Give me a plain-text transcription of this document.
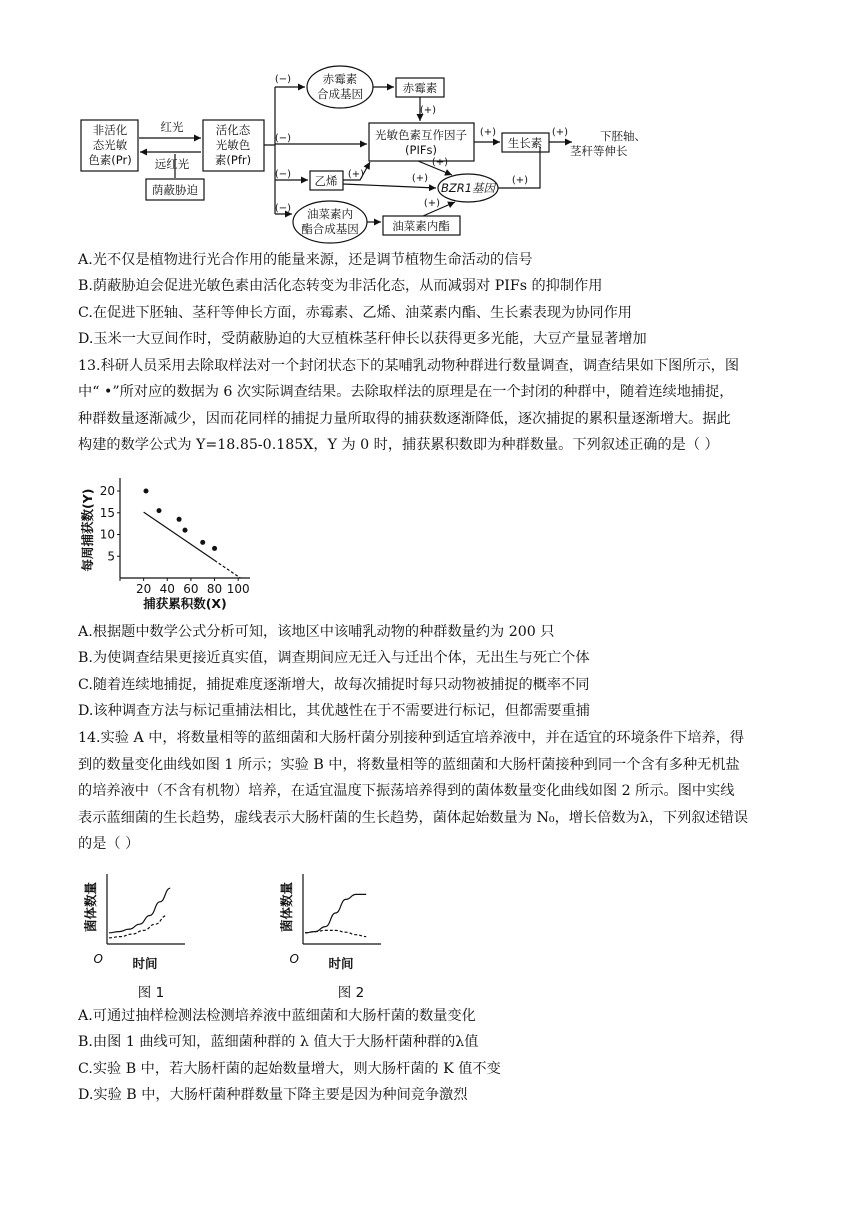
非活化
态光敏
色素(Pr)
红光
远红光
活化态
光敏色
素(Pfr)
荫蔽胁迫
赤霉素
合成基因	赤霉素
光敏色素互作因子
(PIFs)	生长素	下胚轴、
茎秆等伸长
乙烯	BZR1基因
油菜素内
酯合成基因	油菜素内酯
(−)
(−)
(−)
(−)
(+)
(+)	(+)
(+)
(+)
(+)
(+)
(+)
A.光不仅是植物进行光合作用的能量来源，还是调节植物生命活动的信号
B.荫蔽胁迫会促进光敏色素由活化态转变为非活化态，从而减弱对 PIFs 的抑制作用
C.在促进下胚轴、茎秆等伸长方面，赤霉素、乙烯、油菜素内酯、生长素表现为协同作用
D.玉米一大豆间作时，受荫蔽胁迫的大豆植株茎秆伸长以获得更多光能，大豆产量显著增加
13.科研人员采用去除取样法对一个封闭状态下的某哺乳动物种群进行数量调查，调查结果如下图所示，图
中“ •”所对应的数据为 6 次实际调查结果。去除取样法的原理是在一个封闭的种群中，随着连续地捕捉，
种群数量逐渐减少，因而花同样的捕捉力量所取得的捕获数逐渐降低，逐次捕捉的累积量逐渐增大。据此
构建的数学公式为 Y=18.85-0.185X，Y 为 0 时，捕获累积数即为种群数量。下列叙述正确的是（ ）
20 40 60 80 100
5
10
15
20
捕获累积数(X)
每周捕获数(Y)
A.根据题中数学公式分析可知，该地区中该哺乳动物的种群数量约为 200 只
B.为使调查结果更接近真实值，调查期间应无迁入与迁出个体，无出生与死亡个体
C.随着连续地捕捉，捕捉难度逐渐增大，故每次捕捉时每只动物被捕捉的概率不同
D.该种调查方法与标记重捕法相比，其优越性在于不需要进行标记，但都需要重捕
14.实验 A 中，将数量相等的蓝细菌和大肠杆菌分别接种到适宜培养液中，并在适宜的环境条件下培养，得
到的数量变化曲线如图 1 所示；实验 B 中，将数量相等的蓝细菌和大肠杆菌接种到同一个含有多种无机盐
的培养液中（不含有机物）培养，在适宜温度下振荡培养得到的菌体数量变化曲线如图 2 所示。图中实线
表示蓝细菌的生长趋势，虚线表示大肠杆菌的生长趋势，菌体起始数量为 N₀，增长倍数为λ，下列叙述错误
的是（ ）
O 时间
菌体数量
图 1
O 时间
菌体数量
图 2
A.可通过抽样检测法检测培养液中蓝细菌和大肠杆菌的数量变化
B.由图 1 曲线可知，蓝细菌种群的 λ 值大于大肠杆菌种群的λ值
C.实验 B 中，若大肠杆菌的起始数量增大，则大肠杆菌的 K 值不变
D.实验 B 中，大肠杆菌种群数量下降主要是因为种间竞争激烈
